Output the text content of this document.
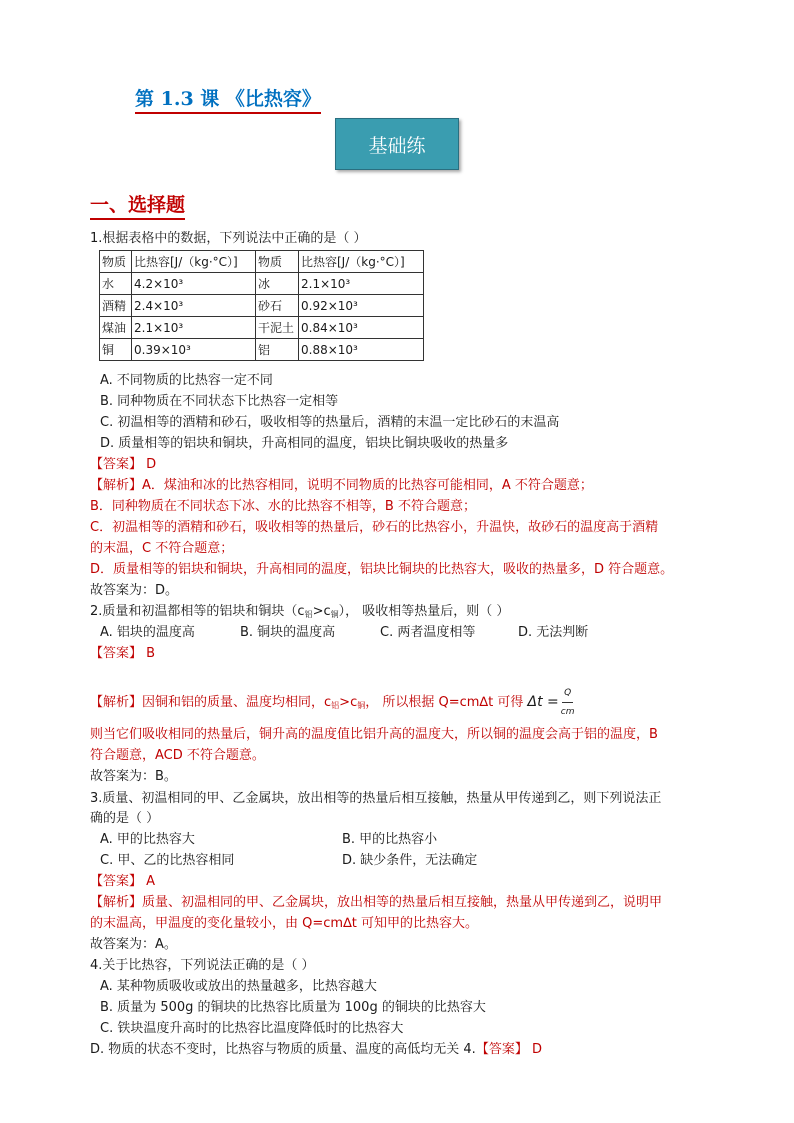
第 1.3 课 《比热容》
基础练
一、选择题
1.根据表格中的数据，下列说法中正确的是（ ）
物质	比热容[J/（kg·°C）]	物质	比热容[J/（kg·°C）]
水	4.2×10³	冰	2.1×10³
酒精	2.4×10³	砂石	0.92×10³
煤油	2.1×10³	干泥土	0.84×10³
铜	0.39×10³	铝	0.88×10³
A. 不同物质的比热容一定不同
B. 同种物质在不同状态下比热容一定相等
C. 初温相等的酒精和砂石，吸收相等的热量后，酒精的末温一定比砂石的末温高
D. 质量相等的铝块和铜块，升高相同的温度，铝块比铜块吸收的热量多
【答案】 D
【解析】A．煤油和冰的比热容相同，说明不同物质的比热容可能相同，A 不符合题意；
B．同种物质在不同状态下冰、水的比热容不相等，B 不符合题意；
C．初温相等的酒精和砂石，吸收相等的热量后，砂石的比热容小，升温快，故砂石的温度高于酒精
的末温，C 不符合题意；
D．质量相等的铝块和铜块，升高相同的温度，铝块比铜块的比热容大，吸收的热量多，D 符合题意。
故答案为：D。
2.质量和初温都相等的铝块和铜块$(c_铝>c_铜)$， 吸收相等热量后，则（ ）
A. 铝块的温度高	B. 铜块的温度高	C. 两者温度相等	D. 无法判断
【答案】 B
【解析】因铜和铝的质量、温度均相同，$c_铝>c_铜$， 所以根据 Q=cm∆t 可得 $\Delta t = \frac{Q}{cm}$
则当它们吸收相同的热量后，铜升高的温度值比铝升高的温度大，所以铜的温度会高于铝的温度，B
符合题意，ACD 不符合题意。
故答案为：B。
3.质量、初温相同的甲、乙金属块，放出相等的热量后相互接触，热量从甲传递到乙，则下列说法正
确的是（ ）
A. 甲的比热容大	B. 甲的比热容小
C. 甲、乙的比热容相同	D. 缺少条件，无法确定
【答案】 A
【解析】质量、初温相同的甲、乙金属块，放出相等的热量后相互接触，热量从甲传递到乙，说明甲
的末温高，甲温度的变化量较小，由 Q=cm∆t 可知甲的比热容大。
故答案为：A。
4.关于比热容，下列说法正确的是（ ）
A. 某种物质吸收或放出的热量越多，比热容越大
B. 质量为 500g 的铜块的比热容比质量为 100g 的铜块的比热容大
C. 铁块温度升高时的比热容比温度降低时的比热容大
D. 物质的状态不变时，比热容与物质的质量、温度的高低均无关 4.【答案】 D
